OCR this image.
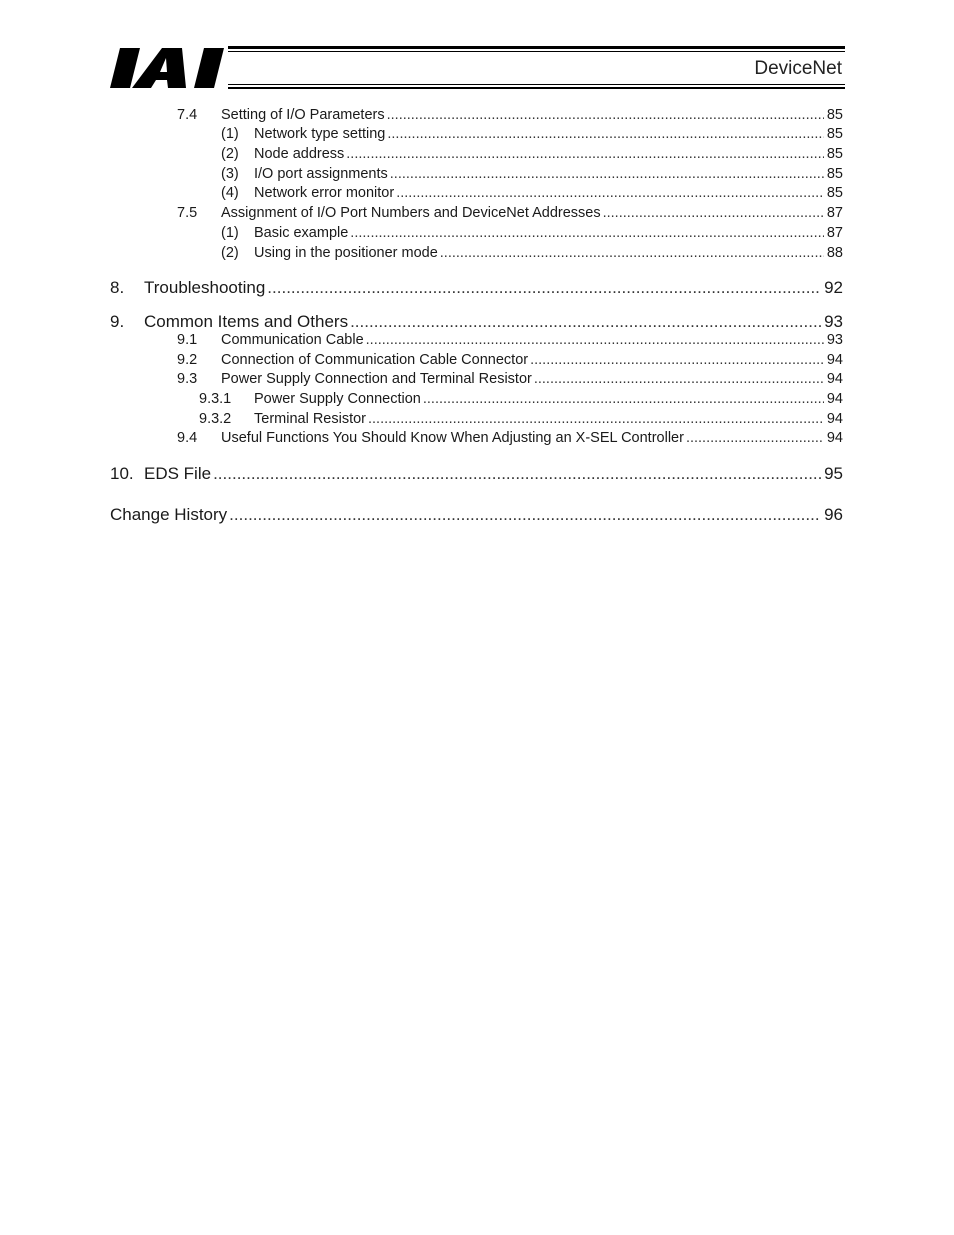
DeviceNet
7.4	Setting of I/O Parameters .....	85
(1)	Network type setting .....	85
(2)	Node address .....	85
(3)	I/O port assignments .....	85
(4)	Network error monitor .....	85
7.5	Assignment of I/O Port Numbers and DeviceNet Addresses .....	87
(1)	Basic example .....	87
(2)	Using in the positioner mode .....	88
8.	Troubleshooting .....	92
9.	Common Items and Others .....	93
9.1	Communication Cable .....	93
9.2	Connection of Communication Cable Connector .....	94
9.3	Power Supply Connection and Terminal Resistor .....	94
9.3.1	Power Supply Connection .....	94
9.3.2	Terminal Resistor .....	94
9.4	Useful Functions You Should Know When Adjusting an X-SEL Controller .....	94
10. EDS File .....	95
Change History .....	96
